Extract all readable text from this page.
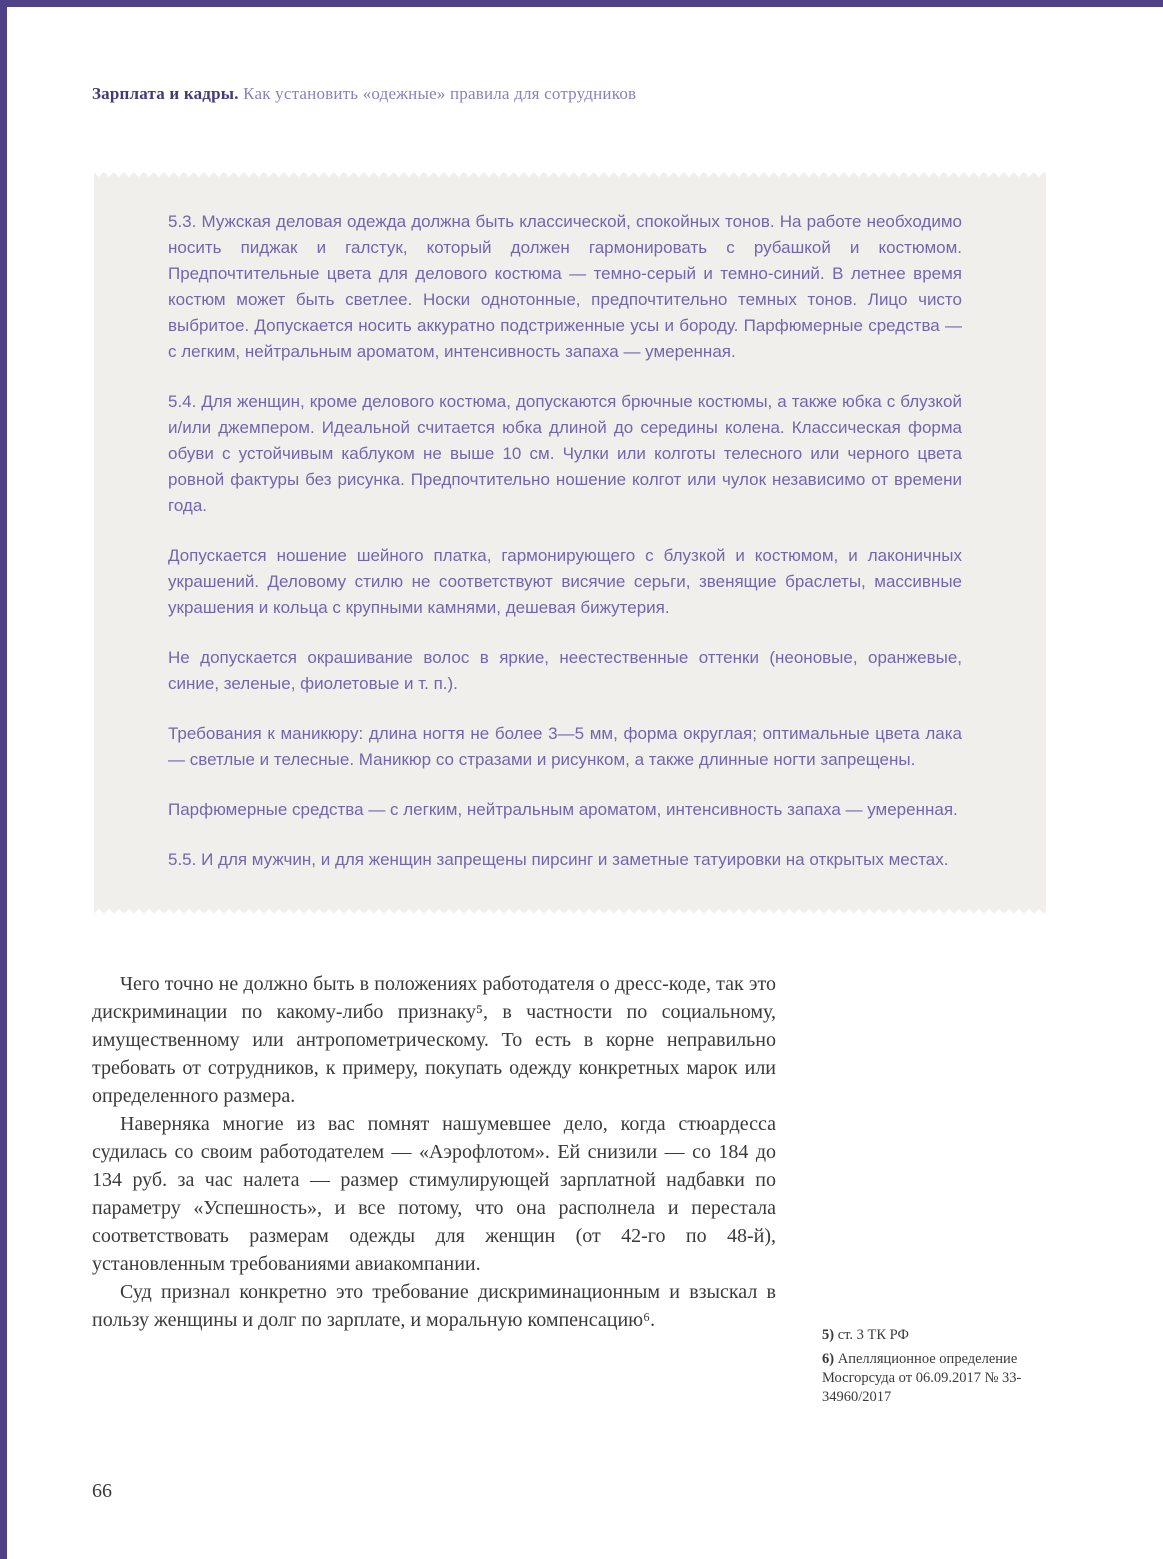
Зарплата и кадры. Как установить «одежные» правила для сотрудников

5.3. Мужская деловая одежда должна быть классической, спокойных тонов. На работе необходимо носить пиджак и галстук, который должен гармонировать с рубашкой и костюмом. Предпочтительные цвета для делового костюма — темно-серый и темно-синий. В летнее время костюм может быть светлее. Носки однотонные, предпочтительно темных тонов. Лицо чисто выбритое. Допускается носить аккуратно подстриженные усы и бороду. Парфюмерные средства — с легким, нейтральным ароматом, интенсивность запаха — умеренная.

5.4. Для женщин, кроме делового костюма, допускаются брючные костюмы, а также юбка с блузкой и/или джемпером. Идеальной считается юбка длиной до середины колена. Классическая форма обуви с устойчивым каблуком не выше 10 см. Чулки или колготы телесного или черного цвета ровной фактуры без рисунка. Предпочтительно ношение колгот или чулок независимо от времени года.

Допускается ношение шейного платка, гармонирующего с блузкой и костюмом, и лаконичных украшений. Деловому стилю не соответствуют висячие серьги, звенящие браслеты, массивные украшения и кольца с крупными камнями, дешевая бижутерия.

Не допускается окрашивание волос в яркие, неестественные оттенки (неоновые, оранжевые, синие, зеленые, фиолетовые и т. п.).

Требования к маникюру: длина ногтя не более 3—5 мм, форма округлая; оптимальные цвета лака — светлые и телесные. Маникюр со стразами и рисунком, а также длинные ногти запрещены.

Парфюмерные средства — с легким, нейтральным ароматом, интенсивность запаха — умеренная.

5.5. И для мужчин, и для женщин запрещены пирсинг и заметные татуировки на открытых местах.

Чего точно не должно быть в положениях работодателя о дресс-коде, так это дискриминации по какому-либо признаку⁵, в частности по социальному, имущественному или антропометрическому. То есть в корне неправильно требовать от сотрудников, к примеру, покупать одежду конкретных марок или определенного размера.

Наверняка многие из вас помнят нашумевшее дело, когда стюардесса судилась со своим работодателем — «Аэрофлотом». Ей снизили — со 184 до 134 руб. за час налета — размер стимулирующей зарплатной надбавки по параметру «Успешность», и все потому, что она располнела и перестала соответствовать размерам одежды для женщин (от 42-го по 48-й), установленным требованиями авиакомпании.

Суд признал конкретно это требование дискриминационным и взыскал в пользу женщины и долг по зарплате, и моральную компенсацию⁶.

5) ст. 3 ТК РФ
6) Апелляционное определение Мосгорсуда от 06.09.2017 № 33-34960/2017
66
